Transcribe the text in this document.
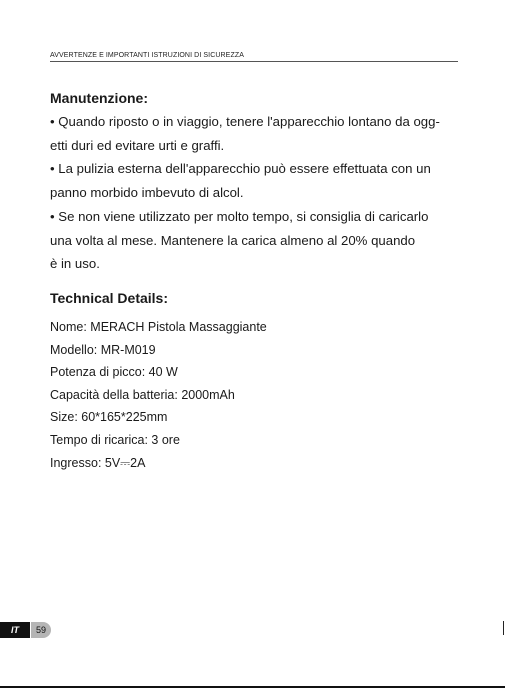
AVVERTENZE E IMPORTANTI ISTRUZIONI DI SICUREZZA
Manutenzione:
• Quando riposto o in viaggio, tenere l'apparecchio lontano da ogg-
etti duri ed evitare urti e graffi.
• La pulizia esterna dell'apparecchio può essere effettuata con un
panno morbido imbevuto di alcol.
• Se non viene utilizzato per molto tempo, si consiglia di caricarlo
una volta al mese. Mantenere la carica almeno al 20% quando
è in uso.
Technical Details:
Nome: MERACH Pistola Massaggiante
Modello: MR-M019
Potenza di picco: 40 W
Capacità della batteria: 2000mAh
Size: 60*165*225mm
Tempo di ricarica: 3 ore
Ingresso: 5V⎓2A
IT	59
